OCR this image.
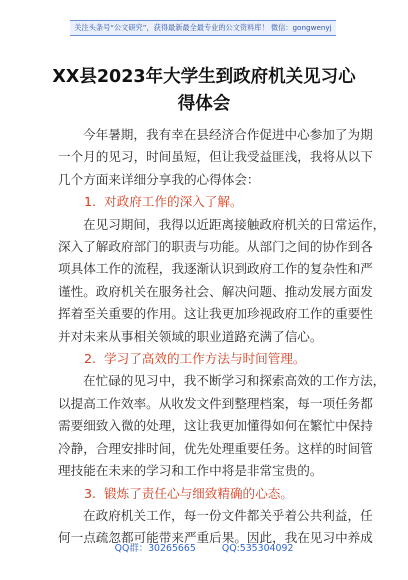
关注头条号“公文研究”，获得最新最全最专业的公文资料库！ 微信：gongwenyj
XX县2023年大学生到政府机关见习心
得体会

今年暑期，我有幸在县经济合作促进中心参加了为期
一个月的见习，时间虽短，但让我受益匪浅，我将从以下
几个方面来详细分享我的心得体会：

1. 对政府工作的深入了解。

在见习期间，我得以近距离接触政府机关的日常运作，
深入了解政府部门的职责与功能。从部门之间的协作到各
项具体工作的流程，我逐渐认识到政府工作的复杂性和严
谨性。政府机关在服务社会、解决问题、推动发展方面发
挥着至关重要的作用。这让我更加珍视政府工作的重要性
并对未来从事相关领域的职业道路充满了信心。

2. 学习了高效的工作方法与时间管理。

在忙碌的见习中，我不断学习和探索高效的工作方法，
以提高工作效率。从收发文件到整理档案，每一项任务都
需要细致入微的处理，这让我更加懂得如何在繁忙中保持
冷静，合理安排时间，优先处理重要任务。这样的时间管
理技能在未来的学习和工作中将是非常宝贵的。

3. 锻炼了责任心与细致精确的心态。

在政府机关工作，每一份文件都关乎着公共利益，任
何一点疏忽都可能带来严重后果。因此，我在见习中养成

QQ群：30265665	QQ:535304092
